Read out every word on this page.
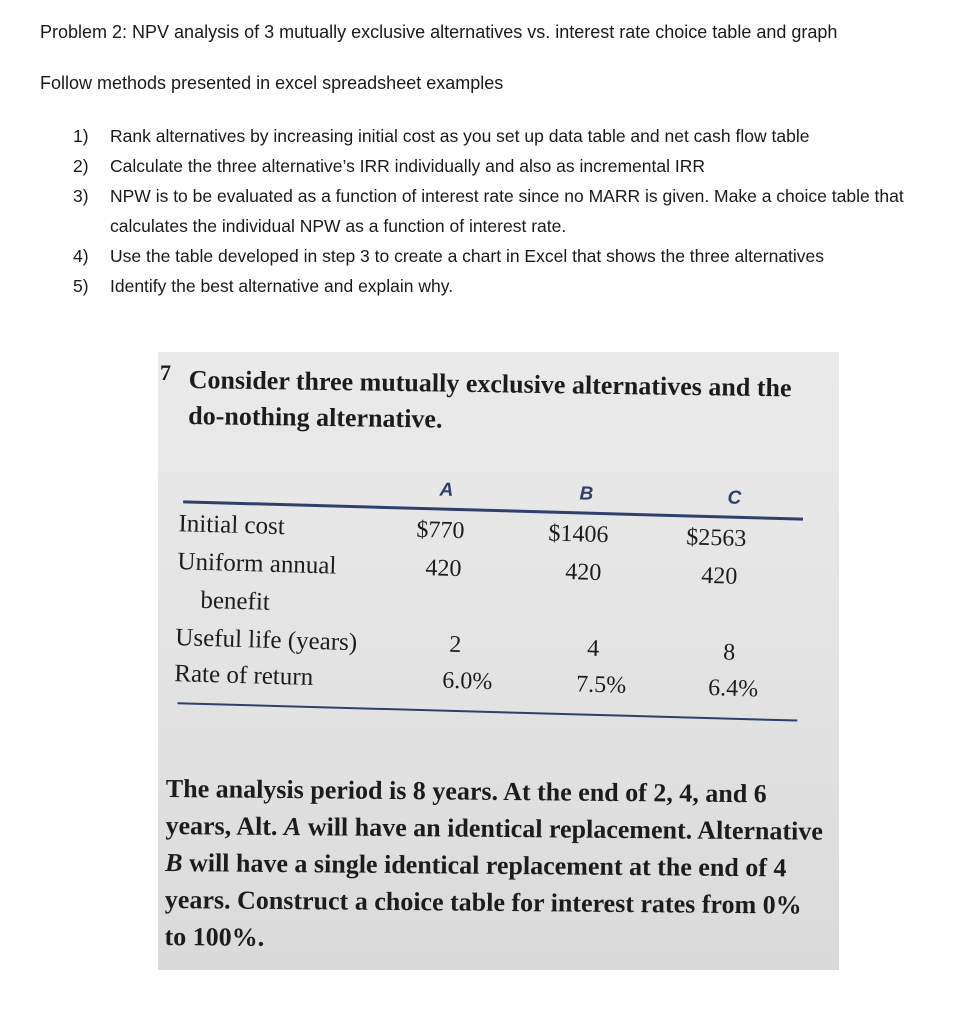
Problem 2: NPV analysis of 3 mutually exclusive alternatives vs. interest rate choice table and graph
Follow methods presented in excel spreadsheet examples
1)	Rank alternatives by increasing initial cost as you set up data table and net cash flow table
2)	Calculate the three alternative’s IRR individually and also as incremental IRR
3)	NPW is to be evaluated as a function of interest rate since no MARR is given. Make a choice table that calculates the individual NPW as a function of interest rate.
4)	Use the table developed in step 3 to create a chart in Excel that shows the three alternatives
5)	Identify the best alternative and explain why.
7 Consider three mutually exclusive alternatives and the do-nothing alternative.
A	B	C
Initial cost	$770	$1406	$2563
Uniform annual
benefit
420	420	420
Useful life (years)	2	4	8
Rate of return	6.0%	7.5%	6.4%
The analysis period is 8 years. At the end of 2, 4, and 6 years, Alt. A will have an identical replacement. Alternative B will have a single identical replacement at the end of 4 years. Construct a choice table for interest rates from 0% to 100%.
